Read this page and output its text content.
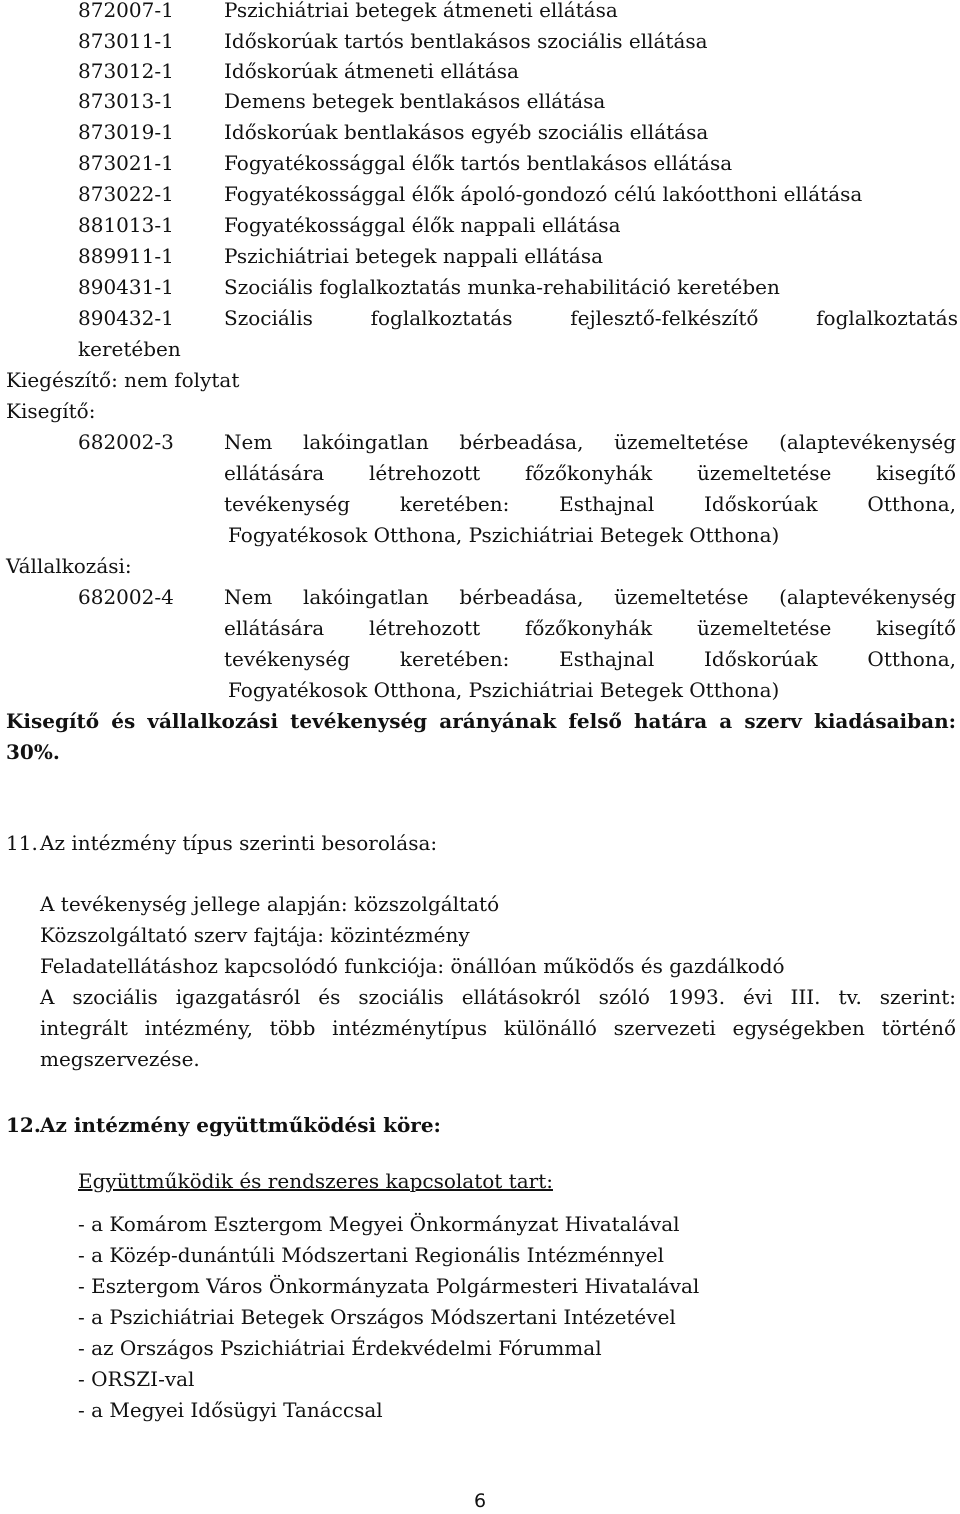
872007-1	Pszichiátriai betegek átmeneti ellátása
873011-1	Időskorúak tartós bentlakásos szociális ellátása
873012-1	Időskorúak átmeneti ellátása
873013-1	Demens betegek bentlakásos ellátása
873019-1	Időskorúak bentlakásos egyéb szociális ellátása
873021-1	Fogyatékossággal élők tartós bentlakásos ellátása
873022-1	Fogyatékossággal élők ápoló-gondozó célú lakóotthoni ellátása
881013-1	Fogyatékossággal élők nappali ellátása
889911-1	Pszichiátriai betegek nappali ellátása
890431-1	Szociális foglalkoztatás munka-rehabilitáció keretében
890432-1	Szociális foglalkoztatás fejlesztő-felkészítő foglalkoztatás
keretében
Kiegészítő: nem folytat
Kisegítő:
682002-3	Nem lakóingatlan bérbeadása, üzemeltetése (alaptevékenység
ellátására létrehozott főzőkonyhák üzemeltetése kisegítő
tevékenység keretében: Esthajnal Időskorúak Otthona,
Fogyatékosok Otthona, Pszichiátriai Betegek Otthona)
Vállalkozási:
682002-4	Nem lakóingatlan bérbeadása, üzemeltetése (alaptevékenység
ellátására létrehozott főzőkonyhák üzemeltetése kisegítő
tevékenység keretében: Esthajnal Időskorúak Otthona,
Fogyatékosok Otthona, Pszichiátriai Betegek Otthona)
Kisegítő és vállalkozási tevékenység arányának felső határa a szerv kiadásaiban:
30%.
11. Az intézmény típus szerinti besorolása:
A tevékenység jellege alapján: közszolgáltató
Közszolgáltató szerv fajtája: közintézmény
Feladatellátáshoz kapcsolódó funkciója: önállóan működős és gazdálkodó
A szociális igazgatásról és szociális ellátásokról szóló 1993. évi III. tv. szerint:
integrált intézmény, több intézménytípus különálló szervezeti egységekben történő
megszervezése.
12. Az intézmény együttműködési köre:
Együttműködik és rendszeres kapcsolatot tart:
- a Komárom Esztergom Megyei Önkormányzat Hivatalával
- a Közép-dunántúli Módszertani Regionális Intézménnyel
- Esztergom Város Önkormányzata Polgármesteri Hivatalával
- a Pszichiátriai Betegek Országos Módszertani Intézetével
- az Országos Pszichiátriai Érdekvédelmi Fórummal
- ORSZI-val
- a Megyei Idősügyi Tanáccsal
6
